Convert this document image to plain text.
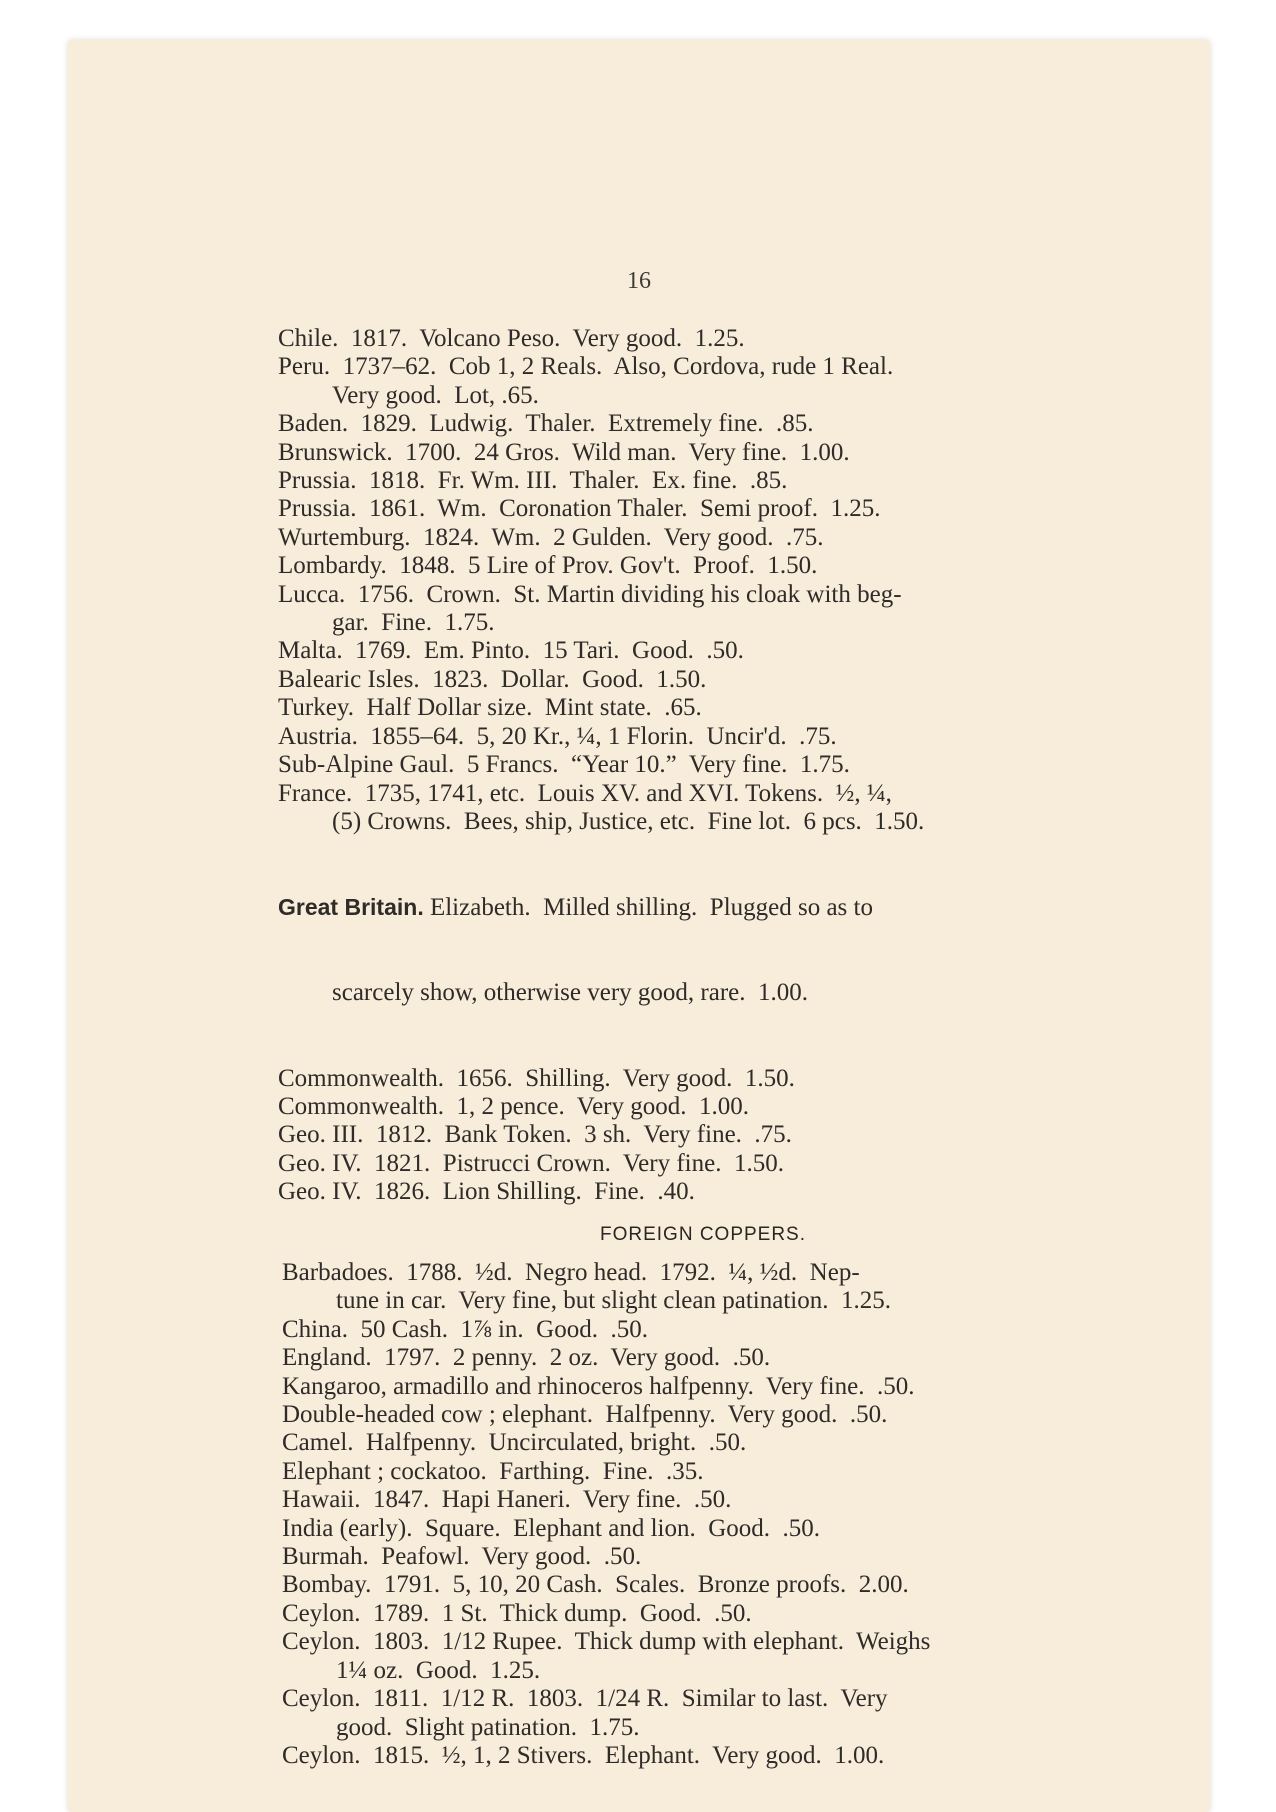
16
Chile.  1817.  Volcano Peso.  Very good.  1.25.
Peru.  1737–62.  Cob 1, 2 Reals.  Also, Cordova, rude 1 Real.
Very good.  Lot, .65.
Baden.  1829.  Ludwig.  Thaler.  Extremely fine.  .85.
Brunswick.  1700.  24 Gros.  Wild man.  Very fine.  1.00.
Prussia.  1818.  Fr. Wm. III.  Thaler.  Ex. fine.  .85.
Prussia.  1861.  Wm.  Coronation Thaler.  Semi proof.  1.25.
Wurtemburg.  1824.  Wm.  2 Gulden.  Very good.  .75.
Lombardy.  1848.  5 Lire of Prov. Gov't.  Proof.  1.50.
Lucca.  1756.  Crown.  St. Martin dividing his cloak with beg-
gar.  Fine.  1.75.
Malta.  1769.  Em. Pinto.  15 Tari.  Good.  .50.
Balearic Isles.  1823.  Dollar.  Good.  1.50.
Turkey.  Half Dollar size.  Mint state.  .65.
Austria.  1855–64.  5, 20 Kr., ¼, 1 Florin.  Uncir'd.  .75.
Sub-Alpine Gaul.  5 Francs.  “Year 10.”  Very fine.  1.75.
France.  1735, 1741, etc.  Louis XV. and XVI. Tokens.  ½, ¼,
(5) Crowns.  Bees, ship, Justice, etc.  Fine lot.  6 pcs.  1.50.

Great Britain. Elizabeth.  Milled shilling.  Plugged so as to

scarcely show, otherwise very good, rare.  1.00.

Commonwealth.  1656.  Shilling.  Very good.  1.50.
Commonwealth.  1, 2 pence.  Very good.  1.00.
Geo. III.  1812.  Bank Token.  3 sh.  Very fine.  .75.
Geo. IV.  1821.  Pistrucci Crown.  Very fine.  1.50.
Geo. IV.  1826.  Lion Shilling.  Fine.  .40.
FOREIGN COPPERS.
Barbadoes.  1788.  ½d.  Negro head.  1792.  ¼, ½d.  Nep-
tune in car.  Very fine, but slight clean patination.  1.25.
China.  50 Cash.  1⅞ in.  Good.  .50.
England.  1797.  2 penny.  2 oz.  Very good.  .50.
Kangaroo, armadillo and rhinoceros halfpenny.  Very fine.  .50.
Double-headed cow ; elephant.  Halfpenny.  Very good.  .50.
Camel.  Halfpenny.  Uncirculated, bright.  .50.
Elephant ; cockatoo.  Farthing.  Fine.  .35.
Hawaii.  1847.  Hapi Haneri.  Very fine.  .50.
India (early).  Square.  Elephant and lion.  Good.  .50.
Burmah.  Peafowl.  Very good.  .50.
Bombay.  1791.  5, 10, 20 Cash.  Scales.  Bronze proofs.  2.00.
Ceylon.  1789.  1 St.  Thick dump.  Good.  .50.
Ceylon.  1803.  1/12 Rupee.  Thick dump with elephant.  Weighs
1¼ oz.  Good.  1.25.
Ceylon.  1811.  1/12 R.  1803.  1/24 R.  Similar to last.  Very
good.  Slight patination.  1.75.
Ceylon.  1815.  ½, 1, 2 Stivers.  Elephant.  Very good.  1.00.
